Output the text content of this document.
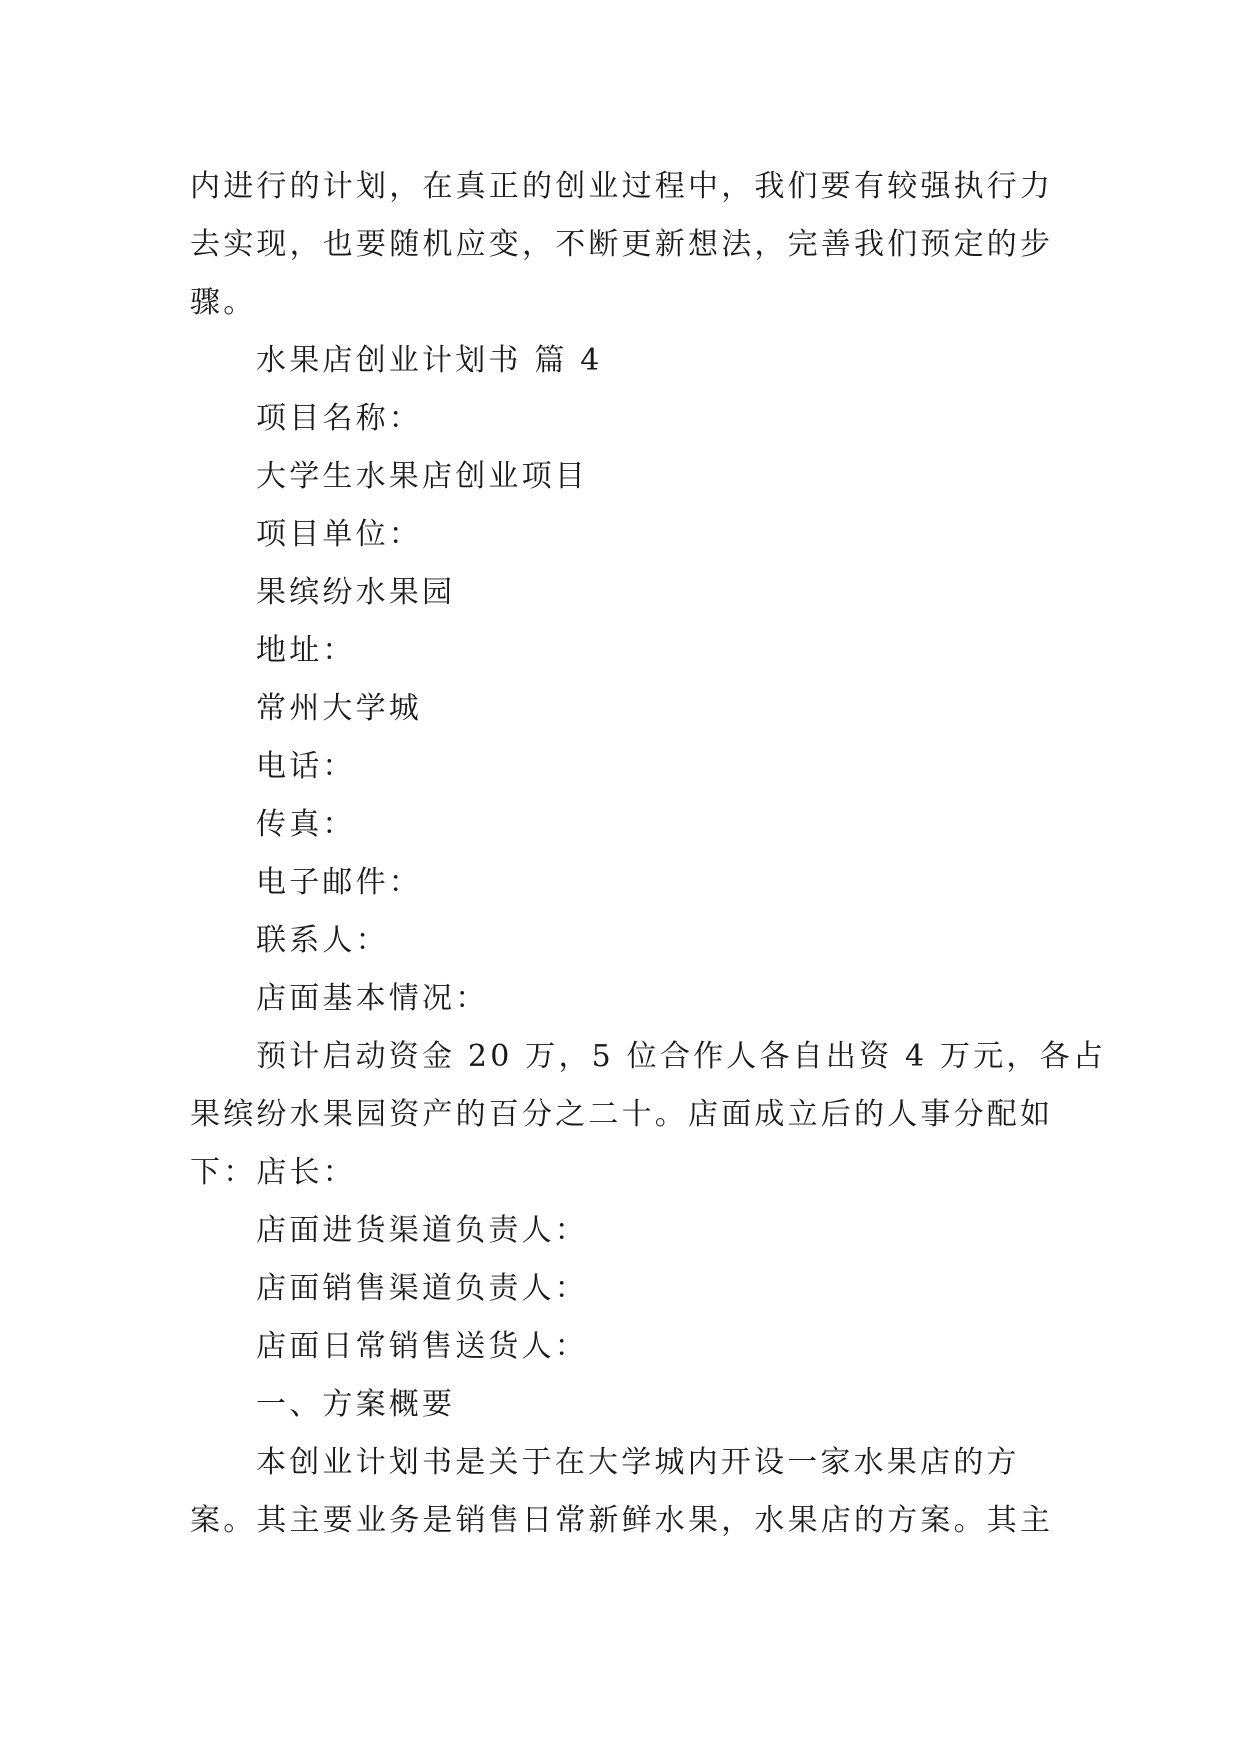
内进行的计划，在真正的创业过程中，我们要有较强执行力
去实现，也要随机应变，不断更新想法，完善我们预定的步
骤。
水果店创业计划书 篇 4
项目名称：
大学生水果店创业项目
项目单位：
果缤纷水果园
地址：
常州大学城
电话：
传真：
电子邮件：
联系人：
店面基本情况：
预计启动资金 20 万，5 位合作人各自出资 4 万元，各占
果缤纷水果园资产的百分之二十。店面成立后的人事分配如
下：店长：
店面进货渠道负责人：
店面销售渠道负责人：
店面日常销售送货人：
一、方案概要
本创业计划书是关于在大学城内开设一家水果店的方
案。其主要业务是销售日常新鲜水果，水果店的方案。其主
